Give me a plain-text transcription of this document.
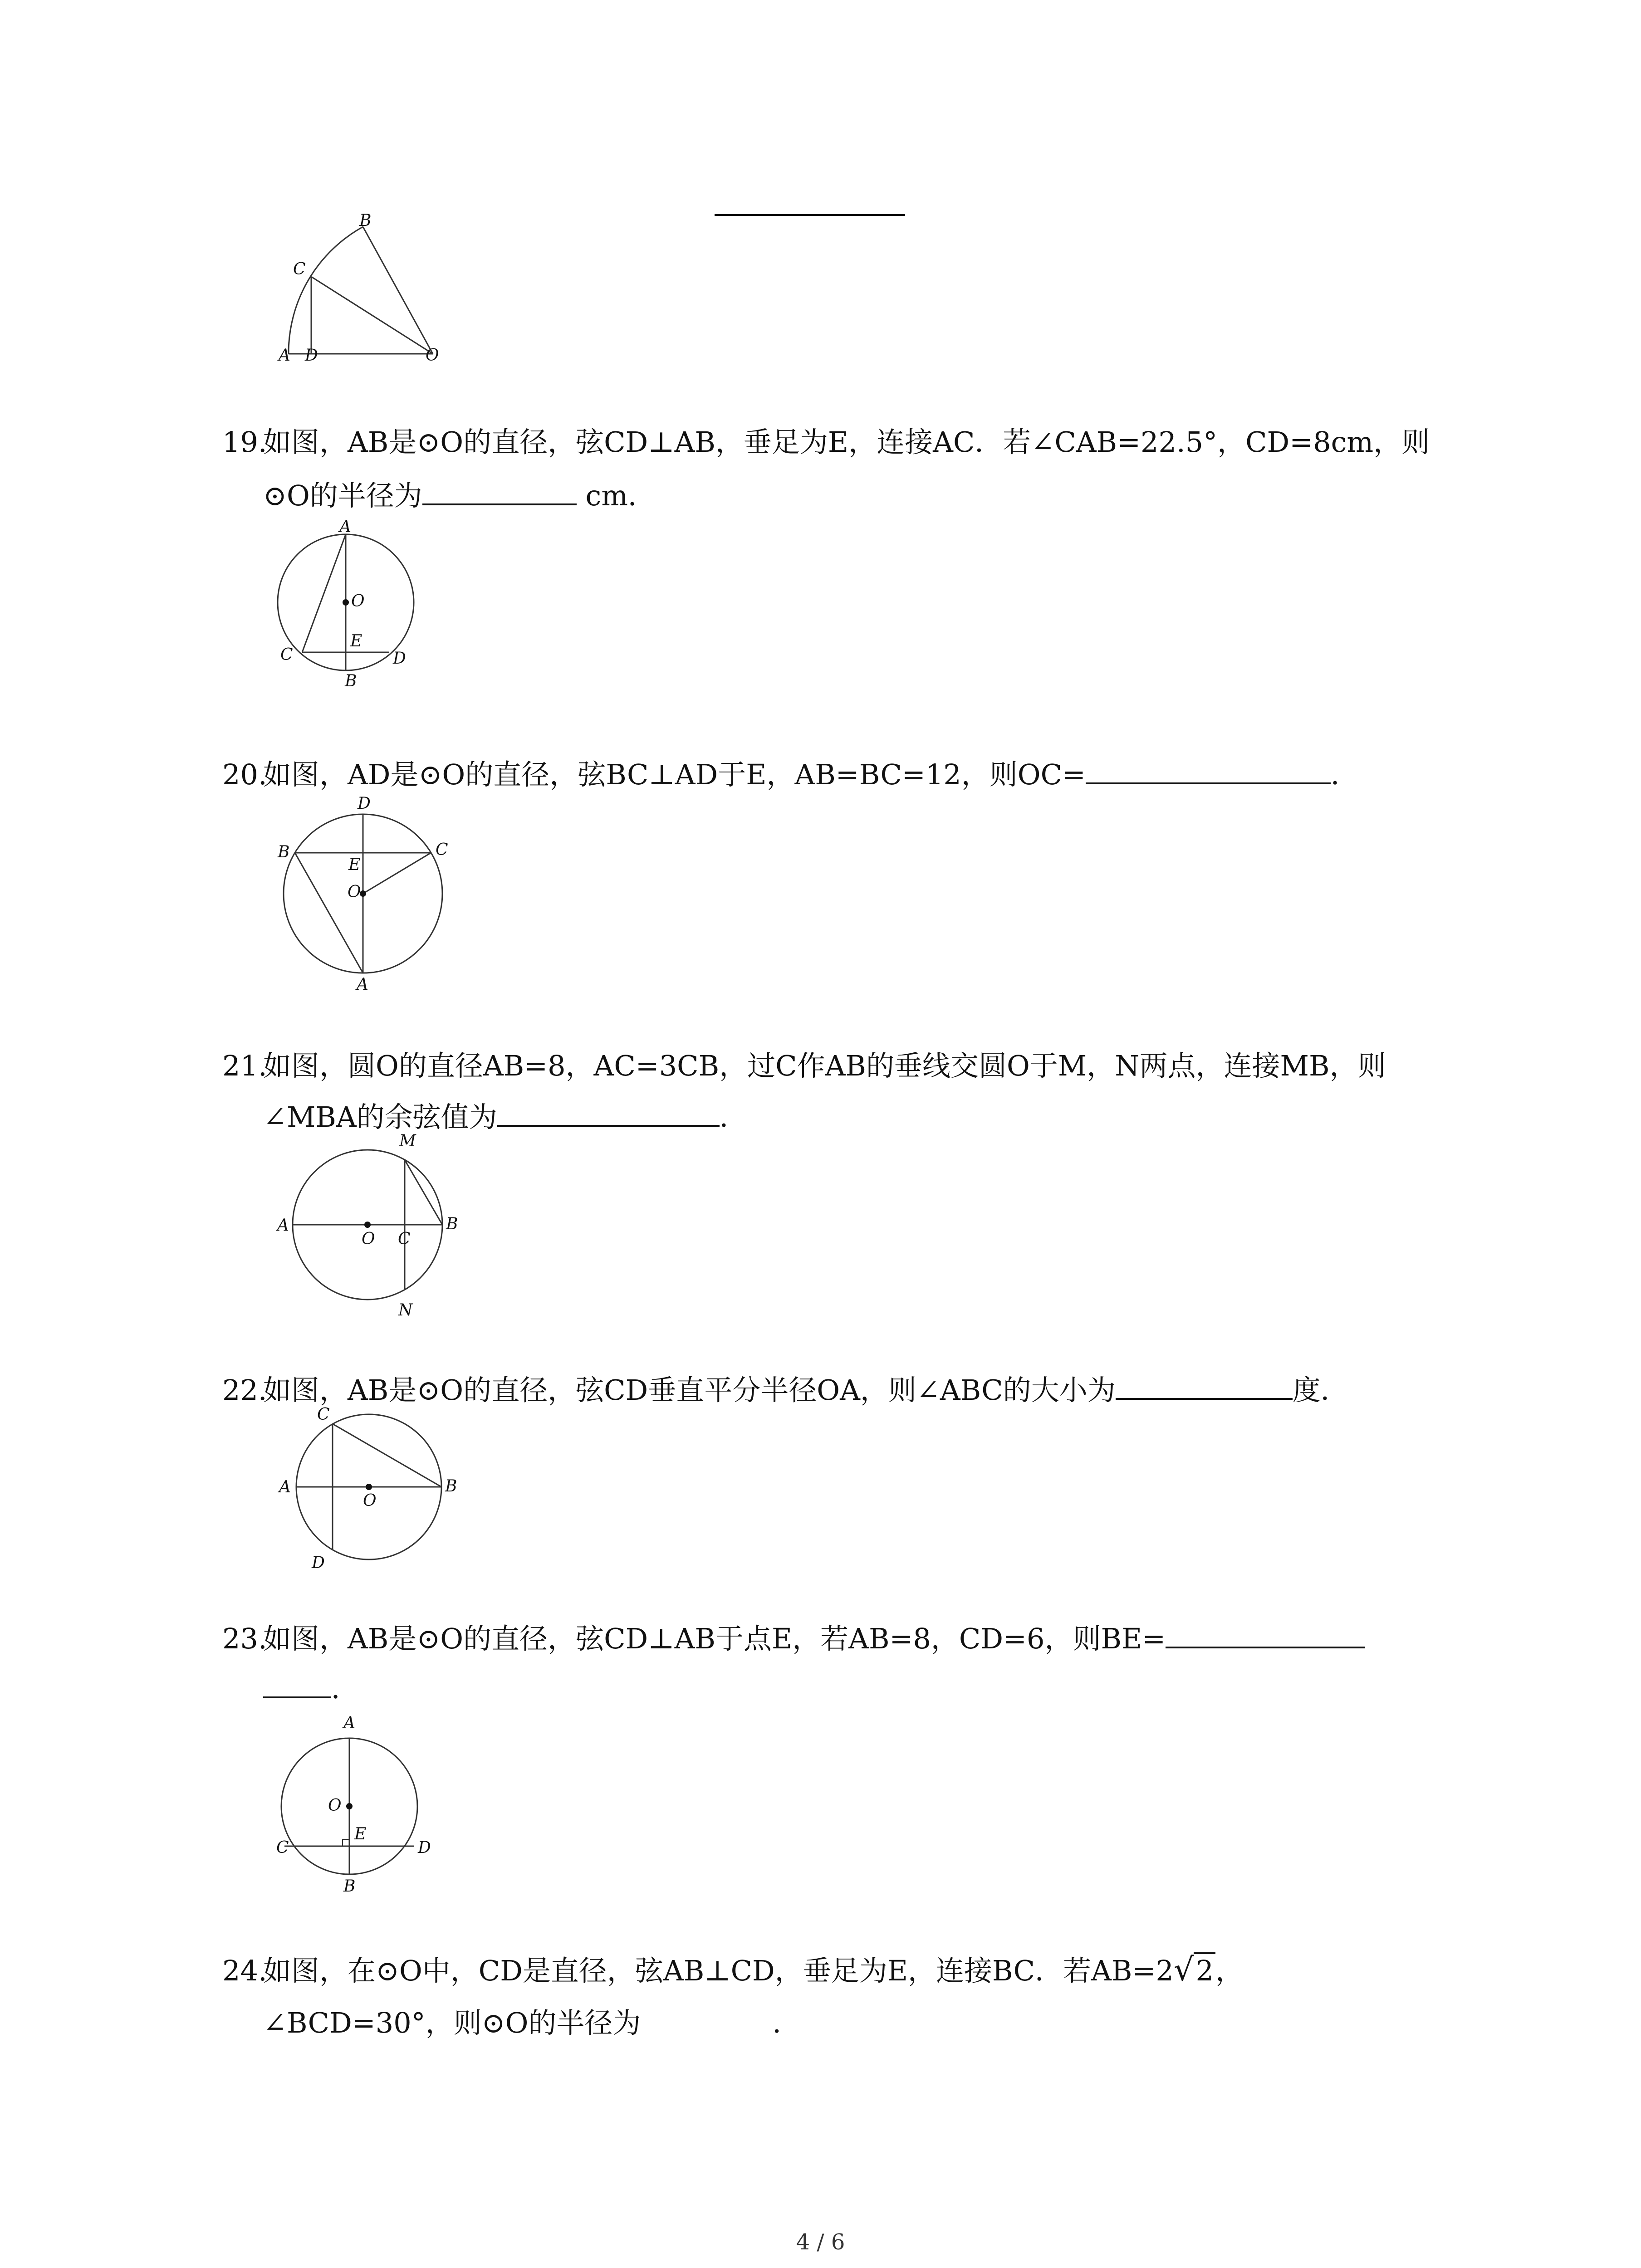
A D	O
C
B
19.如图，AB是⊙O的直径，弦CD⊥AB，垂足为E，连接AC．若∠CAB=22.5°，CD=8cm，则
⊙O的半径为	cm．
A
O
E
C	D
B
20.如图，AD是⊙O的直径，弦BC⊥AD于E，AB=BC=12，则OC=	．
D
B	C
E
O
A
21.如图，圆O的直径AB=8，AC=3CB，过C作AB的垂线交圆O于M，N两点，连接MB，则
∠MBA的余弦值为	．
M
A
O C
B
N
22.如图，AB是⊙O的直径，弦CD垂直平分半径OA，则∠ABC的大小为	度．
C
A
O
B
D
23.如图，AB是⊙O的直径，弦CD⊥AB于点E，若AB=8，CD=6，则BE=
．
A
O
E
C	D
B
24.如图，在⊙O中，CD是直径，弦AB⊥CD，垂足为E，连接BC．若AB=2√2，
∠BCD=30°，则⊙O的半径为	．
4 / 6
